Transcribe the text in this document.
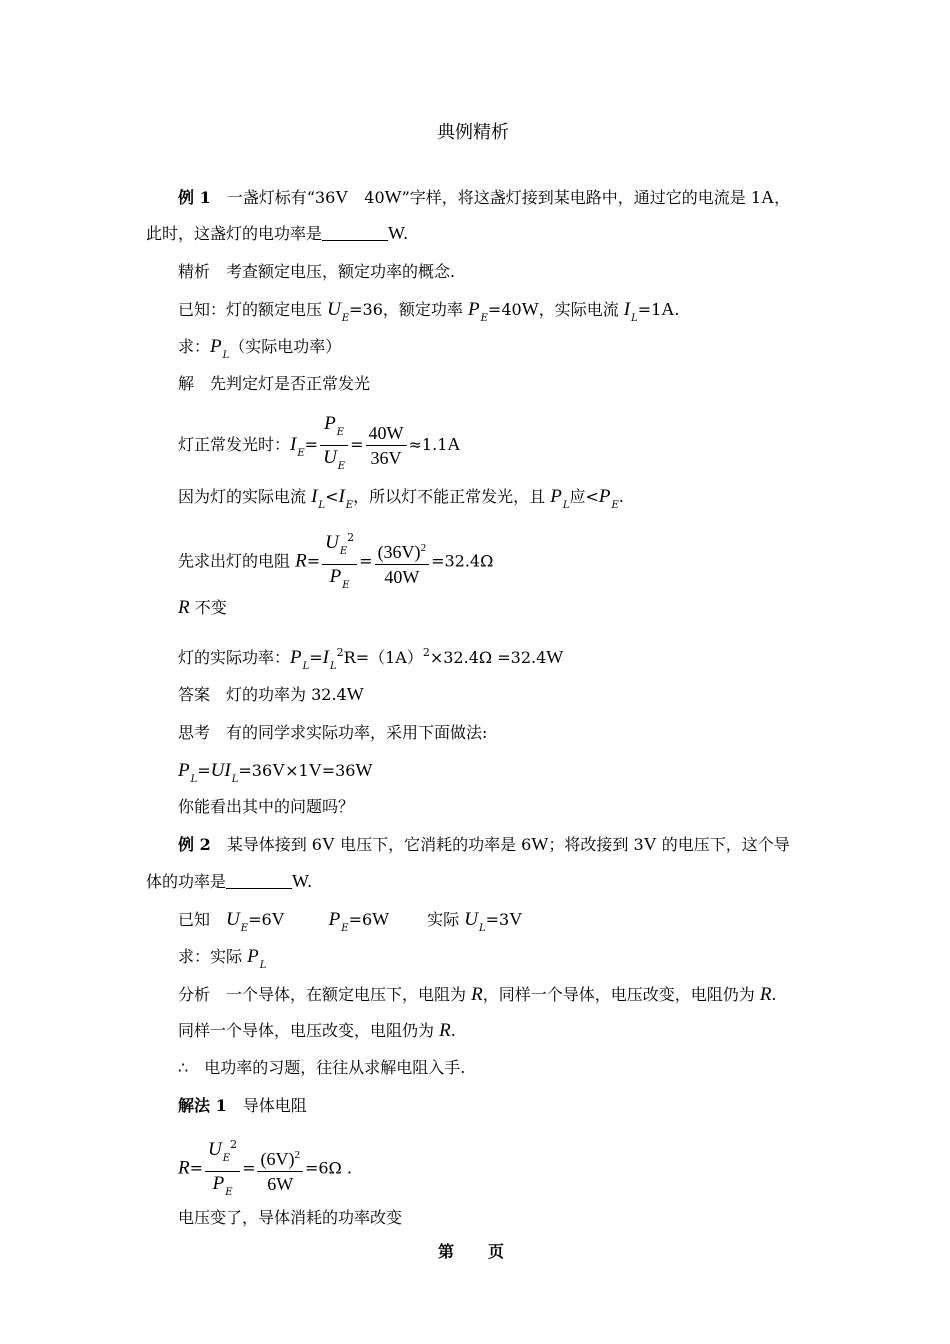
典例精析
例 1 一盏灯标有“36V 40W”字样，将这盏灯接到某电路中，通过它的电流是 1A，
此时，这盏灯的电功率是	W.
精析 考查额定电压，额定功率的概念.
已知：灯的额定电压 $U_E=36$，额定功率 $P_E=40W$，实际电流 $I_L=1A$.
求：$P_L$（实际电功率）
解 先判定灯是否正常发光
灯正常发光时：$I_E= \frac{P_E}{U_E} = \frac{40W}{36V} \approx 1.1A$
因为灯的实际电流 $I_L<I_E$，所以灯不能正常发光，且 $P_L$应$<P_E$.
先求出灯的电阻 $R= \frac{U_E^2}{P_E} = \frac{(36V)^2}{40W} =32.4\Omega$
R 不变
灯的实际功率：$P_L=I_L^2R=(1A)^2\times 32.4\Omega =32.4W$
答案 灯的功率为 32.4W
思考 有的同学求实际功率，采用下面做法:
$P_L=UI_L=36V\times 1V=36W$
你能看出其中的问题吗？
例 2 某导体接到 6V 电压下，它消耗的功率是 6W；将改接到 3V 的电压下，这个导
体的功率是	W.
已知 $U_E=6V$ $P_E=6W$ 实际 $U_L=3V$
求：实际 $P_L$
分析 一个导体，在额定电压下，电阻为 R，同样一个导体，电压改变，电阻仍为 R.
同样一个导体，电压改变，电阻仍为 R.
∴ 电功率的习题，往往从求解电阻入手.
解法 1 导体电阻
$R= \frac{U_E^2}{P_E} = \frac{(6V)^2}{6W} =6\Omega$ .
电压变了，导体消耗的功率改变
第 页
